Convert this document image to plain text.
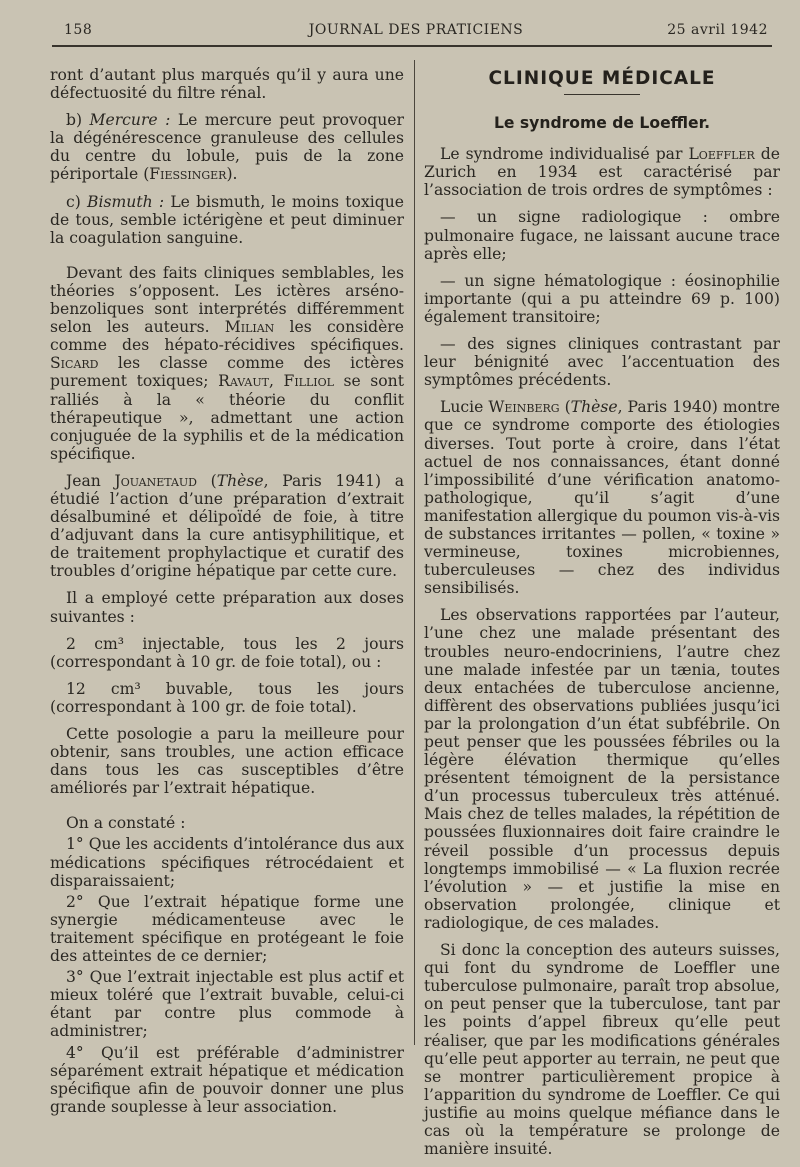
158	JOURNAL DES PRATICIENS	25 avril 1942

ront d’autant plus marqués qu’il y aura une défectuosité du filtre rénal.

b) Mercure : Le mercure peut provoquer la dégénérescence granuleuse des cellules du centre du lobule, puis de la zone périportale (Fiessinger).

c) Bismuth : Le bismuth, le moins toxique de tous, semble ictérigène et peut diminuer la coagulation sanguine.

Devant des faits cliniques semblables, les théories s’opposent. Les ictères arséno-benzoliques sont interprétés différemment selon les auteurs. Milian les considère comme des hépato-récidives spécifiques. Sicard les classe comme des ictères purement toxiques; Ravaut, Filliol se sont ralliés à la « théorie du conflit thérapeutique », admettant une action conjuguée de la syphilis et de la médication spécifique.

Jean Jouanetaud (Thèse, Paris 1941) a étudié l’action d’une préparation d’extrait désalbuminé et délipoïdé de foie, à titre d’adjuvant dans la cure antisyphilitique, et de traitement prophylactique et curatif des troubles d’origine hépatique par cette cure.

Il a employé cette préparation aux doses suivantes :

2 cm³ injectable, tous les 2 jours (correspondant à 10 gr. de foie total), ou :

12 cm³ buvable, tous les jours (correspondant à 100 gr. de foie total).

Cette posologie a paru la meilleure pour obtenir, sans troubles, une action efficace dans tous les cas susceptibles d’être améliorés par l’extrait hépatique.

On a constaté :

1° Que les accidents d’intolérance dus aux médications spécifiques rétrocédaient et disparaissaient;

2° Que l’extrait hépatique forme une synergie médicamenteuse avec le traitement spécifique en protégeant le foie des atteintes de ce dernier;

3° Que l’extrait injectable est plus actif et mieux toléré que l’extrait buvable, celui-ci étant par contre plus commode à administrer;

4° Qu’il est préférable d’administrer séparément extrait hépatique et médication spécifique afin de pouvoir donner une plus grande souplesse à leur association.

CLINIQUE MÉDICALE
Le syndrome de Loeffler.

Le syndrome individualisé par Loeffler de Zurich en 1934 est caractérisé par l’association de trois ordres de symptômes :

— un signe radiologique : ombre pulmonaire fugace, ne laissant aucune trace après elle;

— un signe hématologique : éosinophilie importante (qui a pu atteindre 69 p. 100) également transitoire;

— des signes cliniques contrastant par leur bénignité avec l’accentuation des symptômes précédents.

Lucie Weinberg (Thèse, Paris 1940) montre que ce syndrome comporte des étiologies diverses. Tout porte à croire, dans l’état actuel de nos connaissances, étant donné l’impossibilité d’une vérification anatomo-pathologique, qu’il s’agit d’une manifestation allergique du poumon vis-à-vis de substances irritantes — pollen, « toxine » vermineuse, toxines microbiennes, tuberculeuses — chez des individus sensibilisés.

Les observations rapportées par l’auteur, l’une chez une malade présentant des troubles neuro-endocriniens, l’autre chez une malade infestée par un tænia, toutes deux entachées de tuberculose ancienne, diffèrent des observations publiées jusqu’ici par la prolongation d’un état subfébrile. On peut penser que les poussées fébriles ou la légère élévation thermique qu’elles présentent témoignent de la persistance d’un processus tuberculeux très atténué. Mais chez de telles malades, la répétition de poussées fluxionnaires doit faire craindre le réveil possible d’un processus depuis longtemps immobilisé — « La fluxion recrée l’évolution » — et justifie la mise en observation prolongée, clinique et radiologique, de ces malades.

Si donc la conception des auteurs suisses, qui font du syndrome de Loeffler une tuberculose pulmonaire, paraît trop absolue, on peut penser que la tuberculose, tant par les points d’appel fibreux qu’elle peut réaliser, que par les modifications générales qu’elle peut apporter au terrain, ne peut que se montrer particulièrement propice à l’apparition du syndrome de Loeffler. Ce qui justifie au moins quelque méfiance dans le cas où la température se prolonge de manière insuité.
